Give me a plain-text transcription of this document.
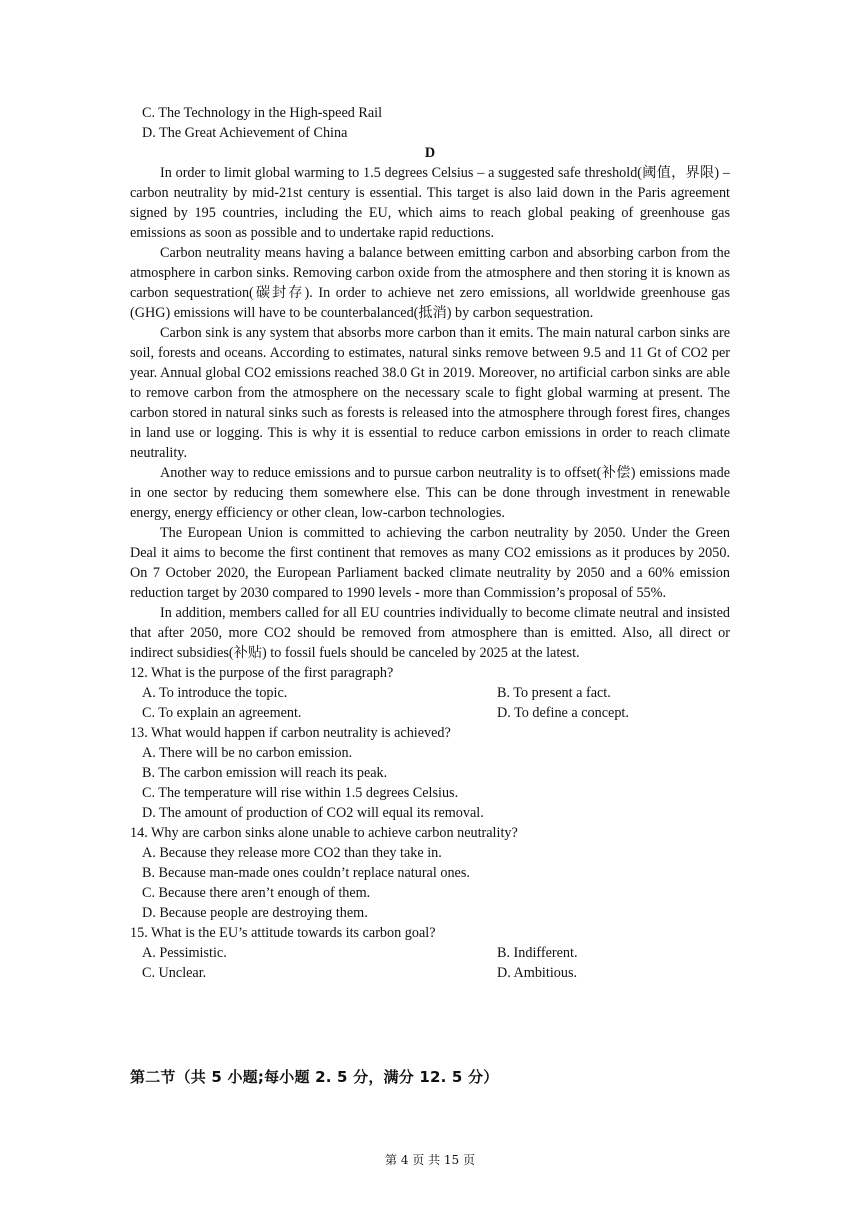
C. The Technology in the High-speed Rail
D. The Great Achievement of China
D

In order to limit global warming to 1.5 degrees Celsius – a suggested safe threshold(阈值，界限) – carbon neutrality by mid-21st century is essential. This target is also laid down in the Paris agreement signed by 195 countries, including the EU, which aims to reach global peaking of greenhouse gas emissions as soon as possible and to undertake rapid reductions.

Carbon neutrality means having a balance between emitting carbon and absorbing carbon from the atmosphere in carbon sinks. Removing carbon oxide from the atmosphere and then storing it is known as carbon sequestration(碳封存). In order to achieve net zero emissions, all worldwide greenhouse gas (GHG) emissions will have to be counterbalanced(抵消) by carbon sequestration.

Carbon sink is any system that absorbs more carbon than it emits. The main natural carbon sinks are soil, forests and oceans. According to estimates, natural sinks remove between 9.5 and 11 Gt of CO2 per year. Annual global CO2 emissions reached 38.0 Gt in 2019. Moreover, no artificial carbon sinks are able to remove carbon from the atmosphere on the necessary scale to fight global warming at present. The carbon stored in natural sinks such as forests is released into the atmosphere through forest fires, changes in land use or logging. This is why it is essential to reduce carbon emissions in order to reach climate neutrality.

Another way to reduce emissions and to pursue carbon neutrality is to offset(补偿) emissions made in one sector by reducing them somewhere else. This can be done through investment in renewable energy, energy efficiency or other clean, low-carbon technologies.

The European Union is committed to achieving the carbon neutrality by 2050. Under the Green Deal it aims to become the first continent that removes as many CO2 emissions as it produces by 2050. On 7 October 2020, the European Parliament backed climate neutrality by 2050 and a 60% emission reduction target by 2030 compared to 1990 levels - more than Commission’s proposal of 55%.

In addition, members called for all EU countries individually to become climate neutral and insisted that after 2050, more CO2 should be removed from atmosphere than is emitted. Also, all direct or indirect subsidies(补贴) to fossil fuels should be canceled by 2025 at the latest.

12. What is the purpose of the first paragraph?
A. To introduce the topic.	B. To present a fact.
C. To explain an agreement.	D. To define a concept.
13. What would happen if carbon neutrality is achieved?
A. There will be no carbon emission.
B. The carbon emission will reach its peak.
C. The temperature will rise within 1.5 degrees Celsius.
D. The amount of production of CO2 will equal its removal.
14. Why are carbon sinks alone unable to achieve carbon neutrality?
A. Because they release more CO2 than they take in.
B. Because man-made ones couldn’t replace natural ones.
C. Because there aren’t enough of them.
D. Because people are destroying them.
15. What is the EU’s attitude towards its carbon goal?
A. Pessimistic.	B. Indifferent.
C. Unclear.	D. Ambitious.
第二节（共 5 小题;每小题 2. 5 分，满分 12. 5 分）
第 4 页 共 15 页
